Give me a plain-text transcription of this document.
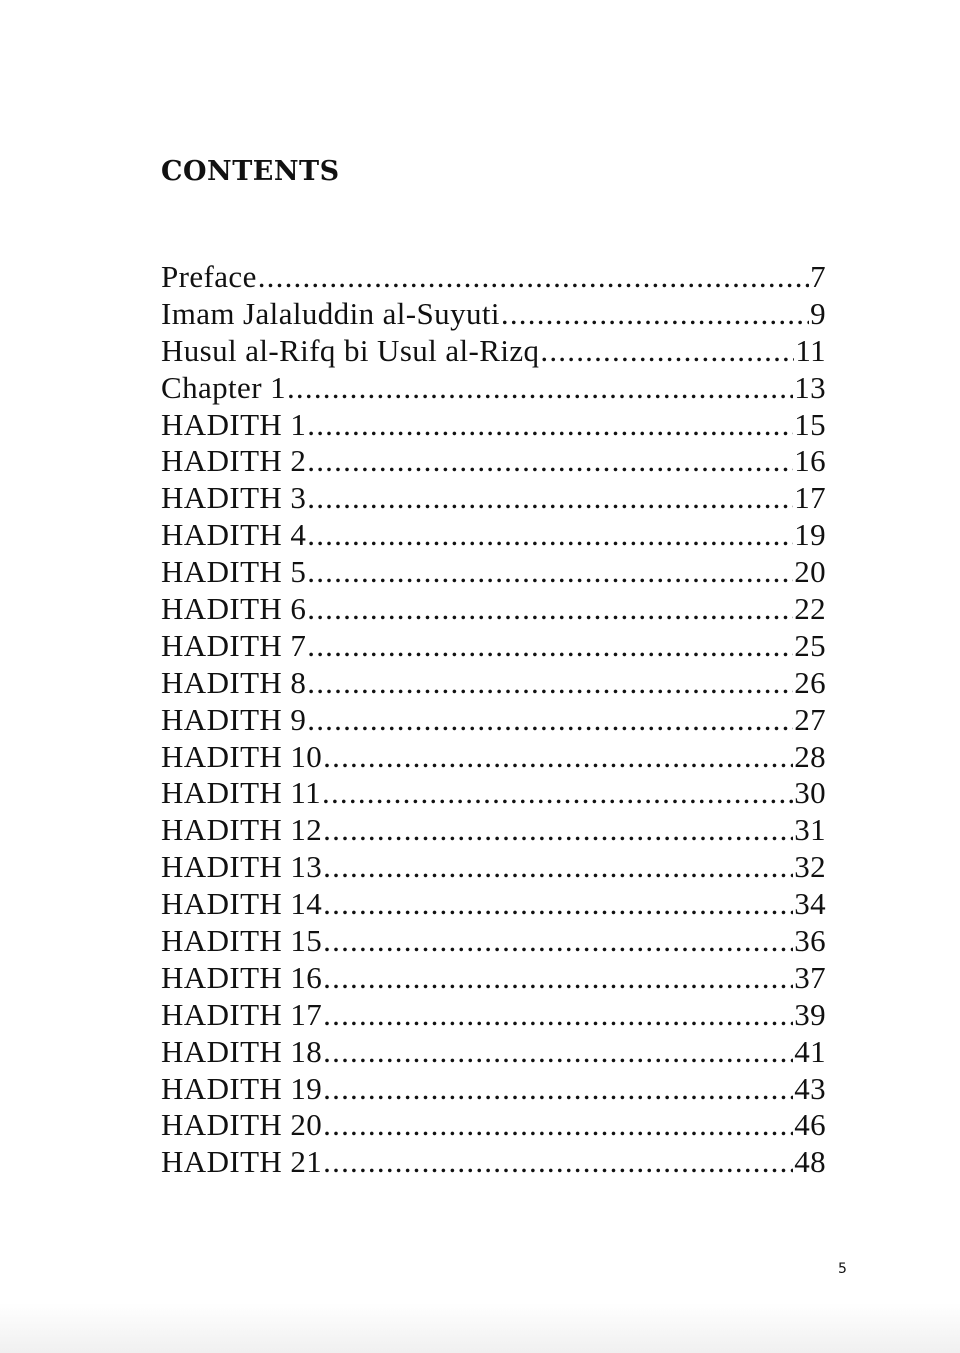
CONTENTS
Preface .....	7
Imam Jalaluddin al-Suyuti .....	9
Husul al-Rifq bi Usul al-Rizq .....	11
Chapter 1 .....	13
HADITH 1 .....	15
HADITH 2 .....	16
HADITH 3 .....	17
HADITH 4 .....	19
HADITH 5 .....	20
HADITH 6 .....	22
HADITH 7 .....	25
HADITH 8 .....	26
HADITH 9 .....	27
HADITH 10 .....	28
HADITH 11 .....	30
HADITH 12 .....	31
HADITH 13 .....	32
HADITH 14 .....	34
HADITH 15 .....	36
HADITH 16 .....	37
HADITH 17 .....	39
HADITH 18 .....	41
HADITH 19 .....	43
HADITH 20 .....	46
HADITH 21 .....	48
5
